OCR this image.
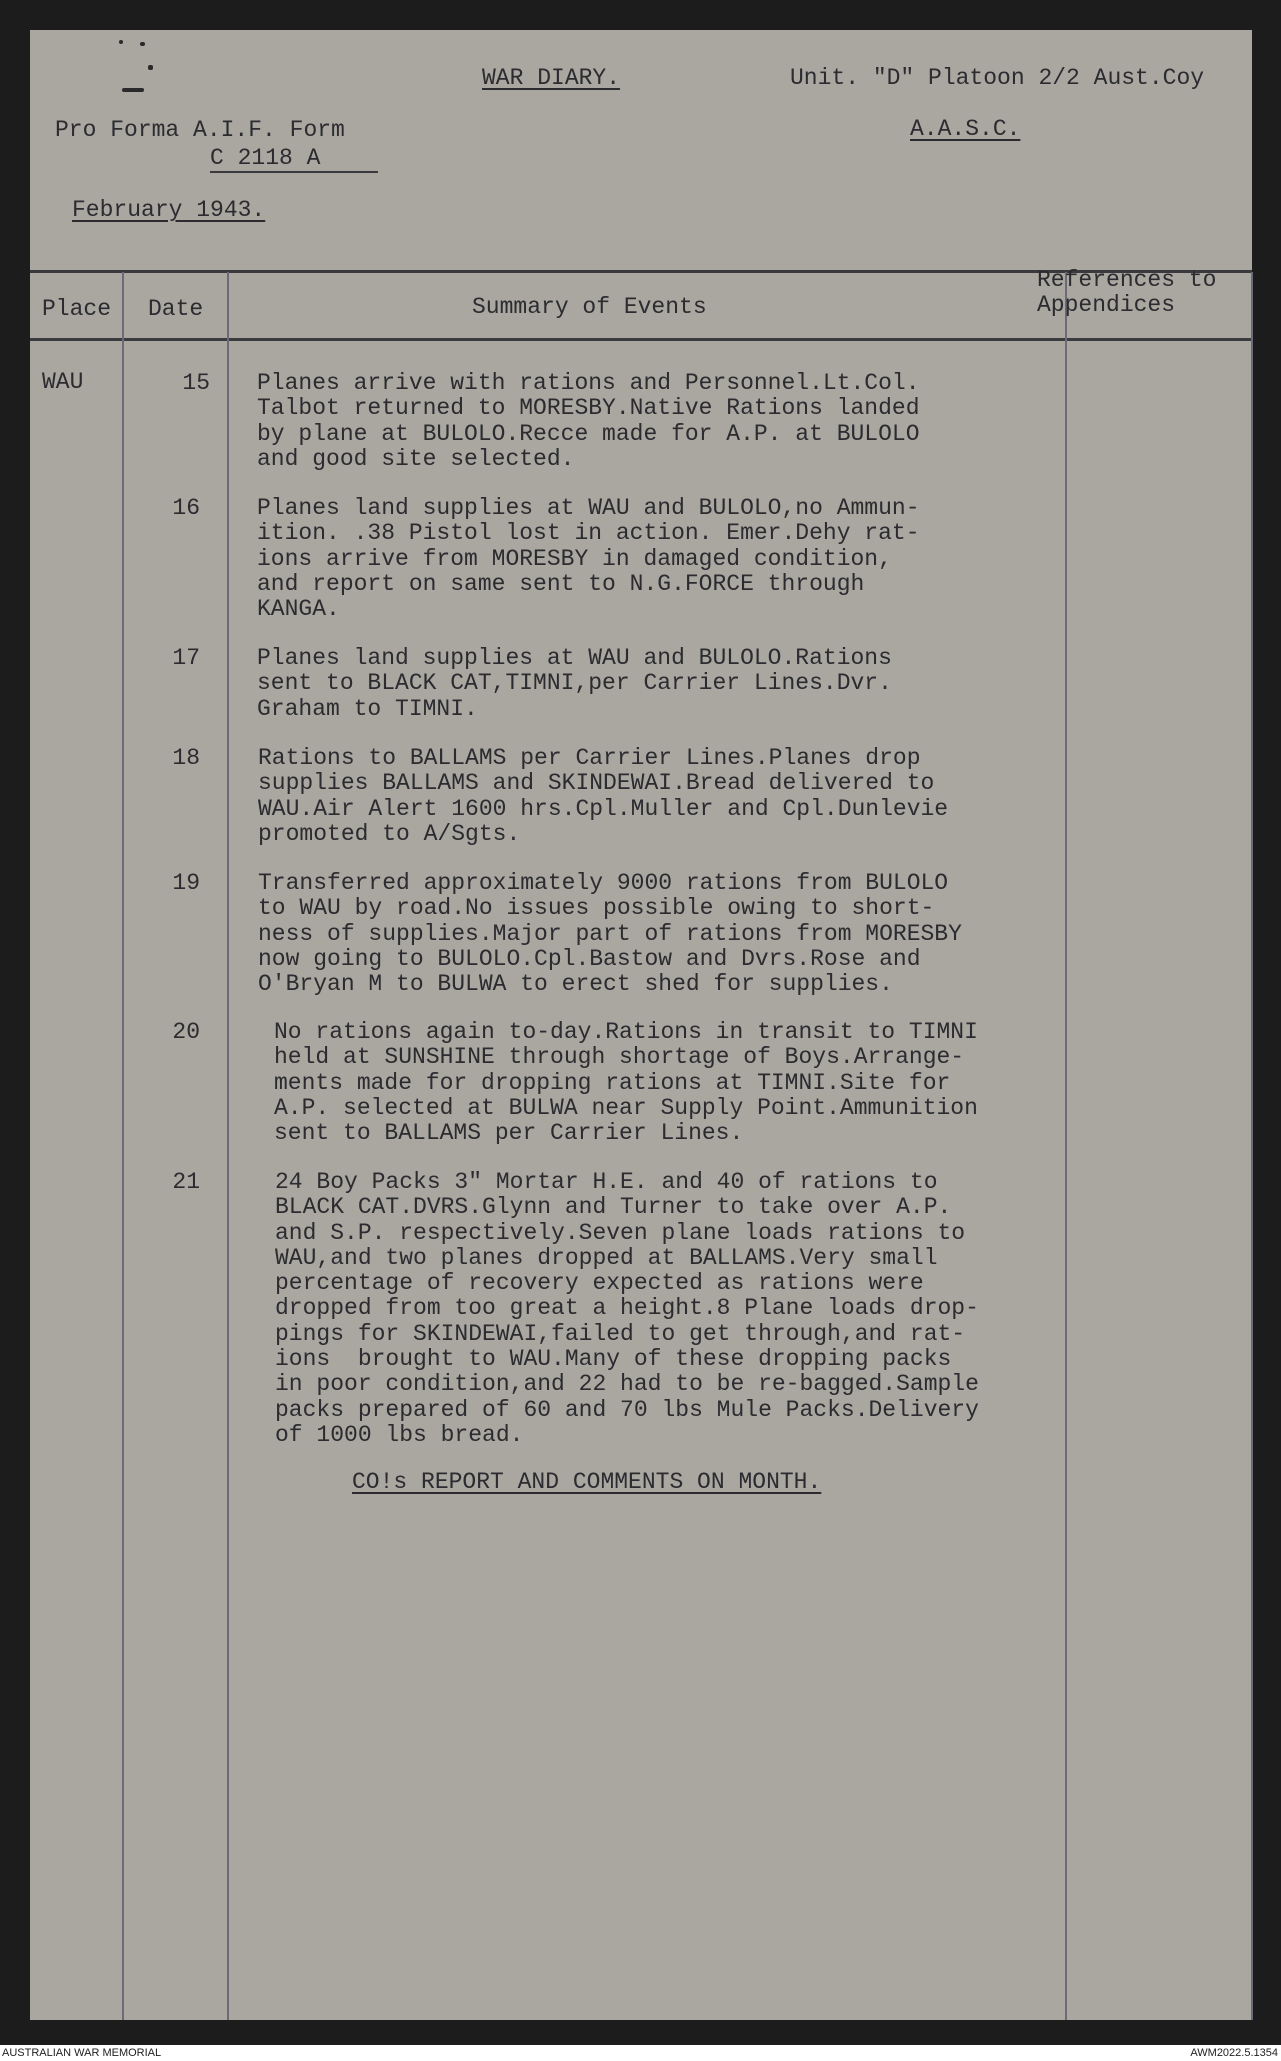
WAR DIARY.	Unit. "D" Platoon 2/2 Aust.Coy
A.A.S.C.
Pro Forma A.I.F. Form
C 2118 A
February 1943.
Place Date	Summary of Events
References to
Appendices
WAU	15 Planes arrive with rations and Personnel.Lt.Col.
Talbot returned to MORESBY.Native Rations landed
by plane at BULOLO.Recce made for A.P. at BULOLO
and good site selected.
16 Planes land supplies at WAU and BULOLO,no Ammun-
ition. .38 Pistol lost in action. Emer.Dehy rat-
ions arrive from MORESBY in damaged condition,
and report on same sent to N.G.FORCE through
KANGA.
17 Planes land supplies at WAU and BULOLO.Rations
sent to BLACK CAT,TIMNI,per Carrier Lines.Dvr.
Graham to TIMNI.
18	Rations to BALLAMS per Carrier Lines.Planes drop
supplies BALLAMS and SKINDEWAI.Bread delivered to
WAU.Air Alert 1600 hrs.Cpl.Muller and Cpl.Dunlevie
promoted to A/Sgts.
19	Transferred approximately 9000 rations from BULOLO
to WAU by road.No issues possible owing to short-
ness of supplies.Major part of rations from MORESBY
now going to BULOLO.Cpl.Bastow and Dvrs.Rose and
O'Bryan M to BULWA to erect shed for supplies.
20	No rations again to-day.Rations in transit to TIMNI
held at SUNSHINE through shortage of Boys.Arrange-
ments made for dropping rations at TIMNI.Site for
A.P. selected at BULWA near Supply Point.Ammunition
sent to BALLAMS per Carrier Lines.
21	24 Boy Packs 3" Mortar H.E. and 40 of rations to
BLACK CAT.DVRS.Glynn and Turner to take over A.P.
and S.P. respectively.Seven plane loads rations to
WAU,and two planes dropped at BALLAMS.Very small
percentage of recovery expected as rations were
dropped from too great a height.8 Plane loads drop-
pings for SKINDEWAI,failed to get through,and rat-
ions  brought to WAU.Many of these dropping packs
in poor condition,and 22 had to be re-bagged.Sample
packs prepared of 60 and 70 lbs Mule Packs.Delivery
of 1000 lbs bread.
CO!s REPORT AND COMMENTS ON MONTH.
AUSTRALIAN WAR MEMORIAL	AWM2022.5.1354
